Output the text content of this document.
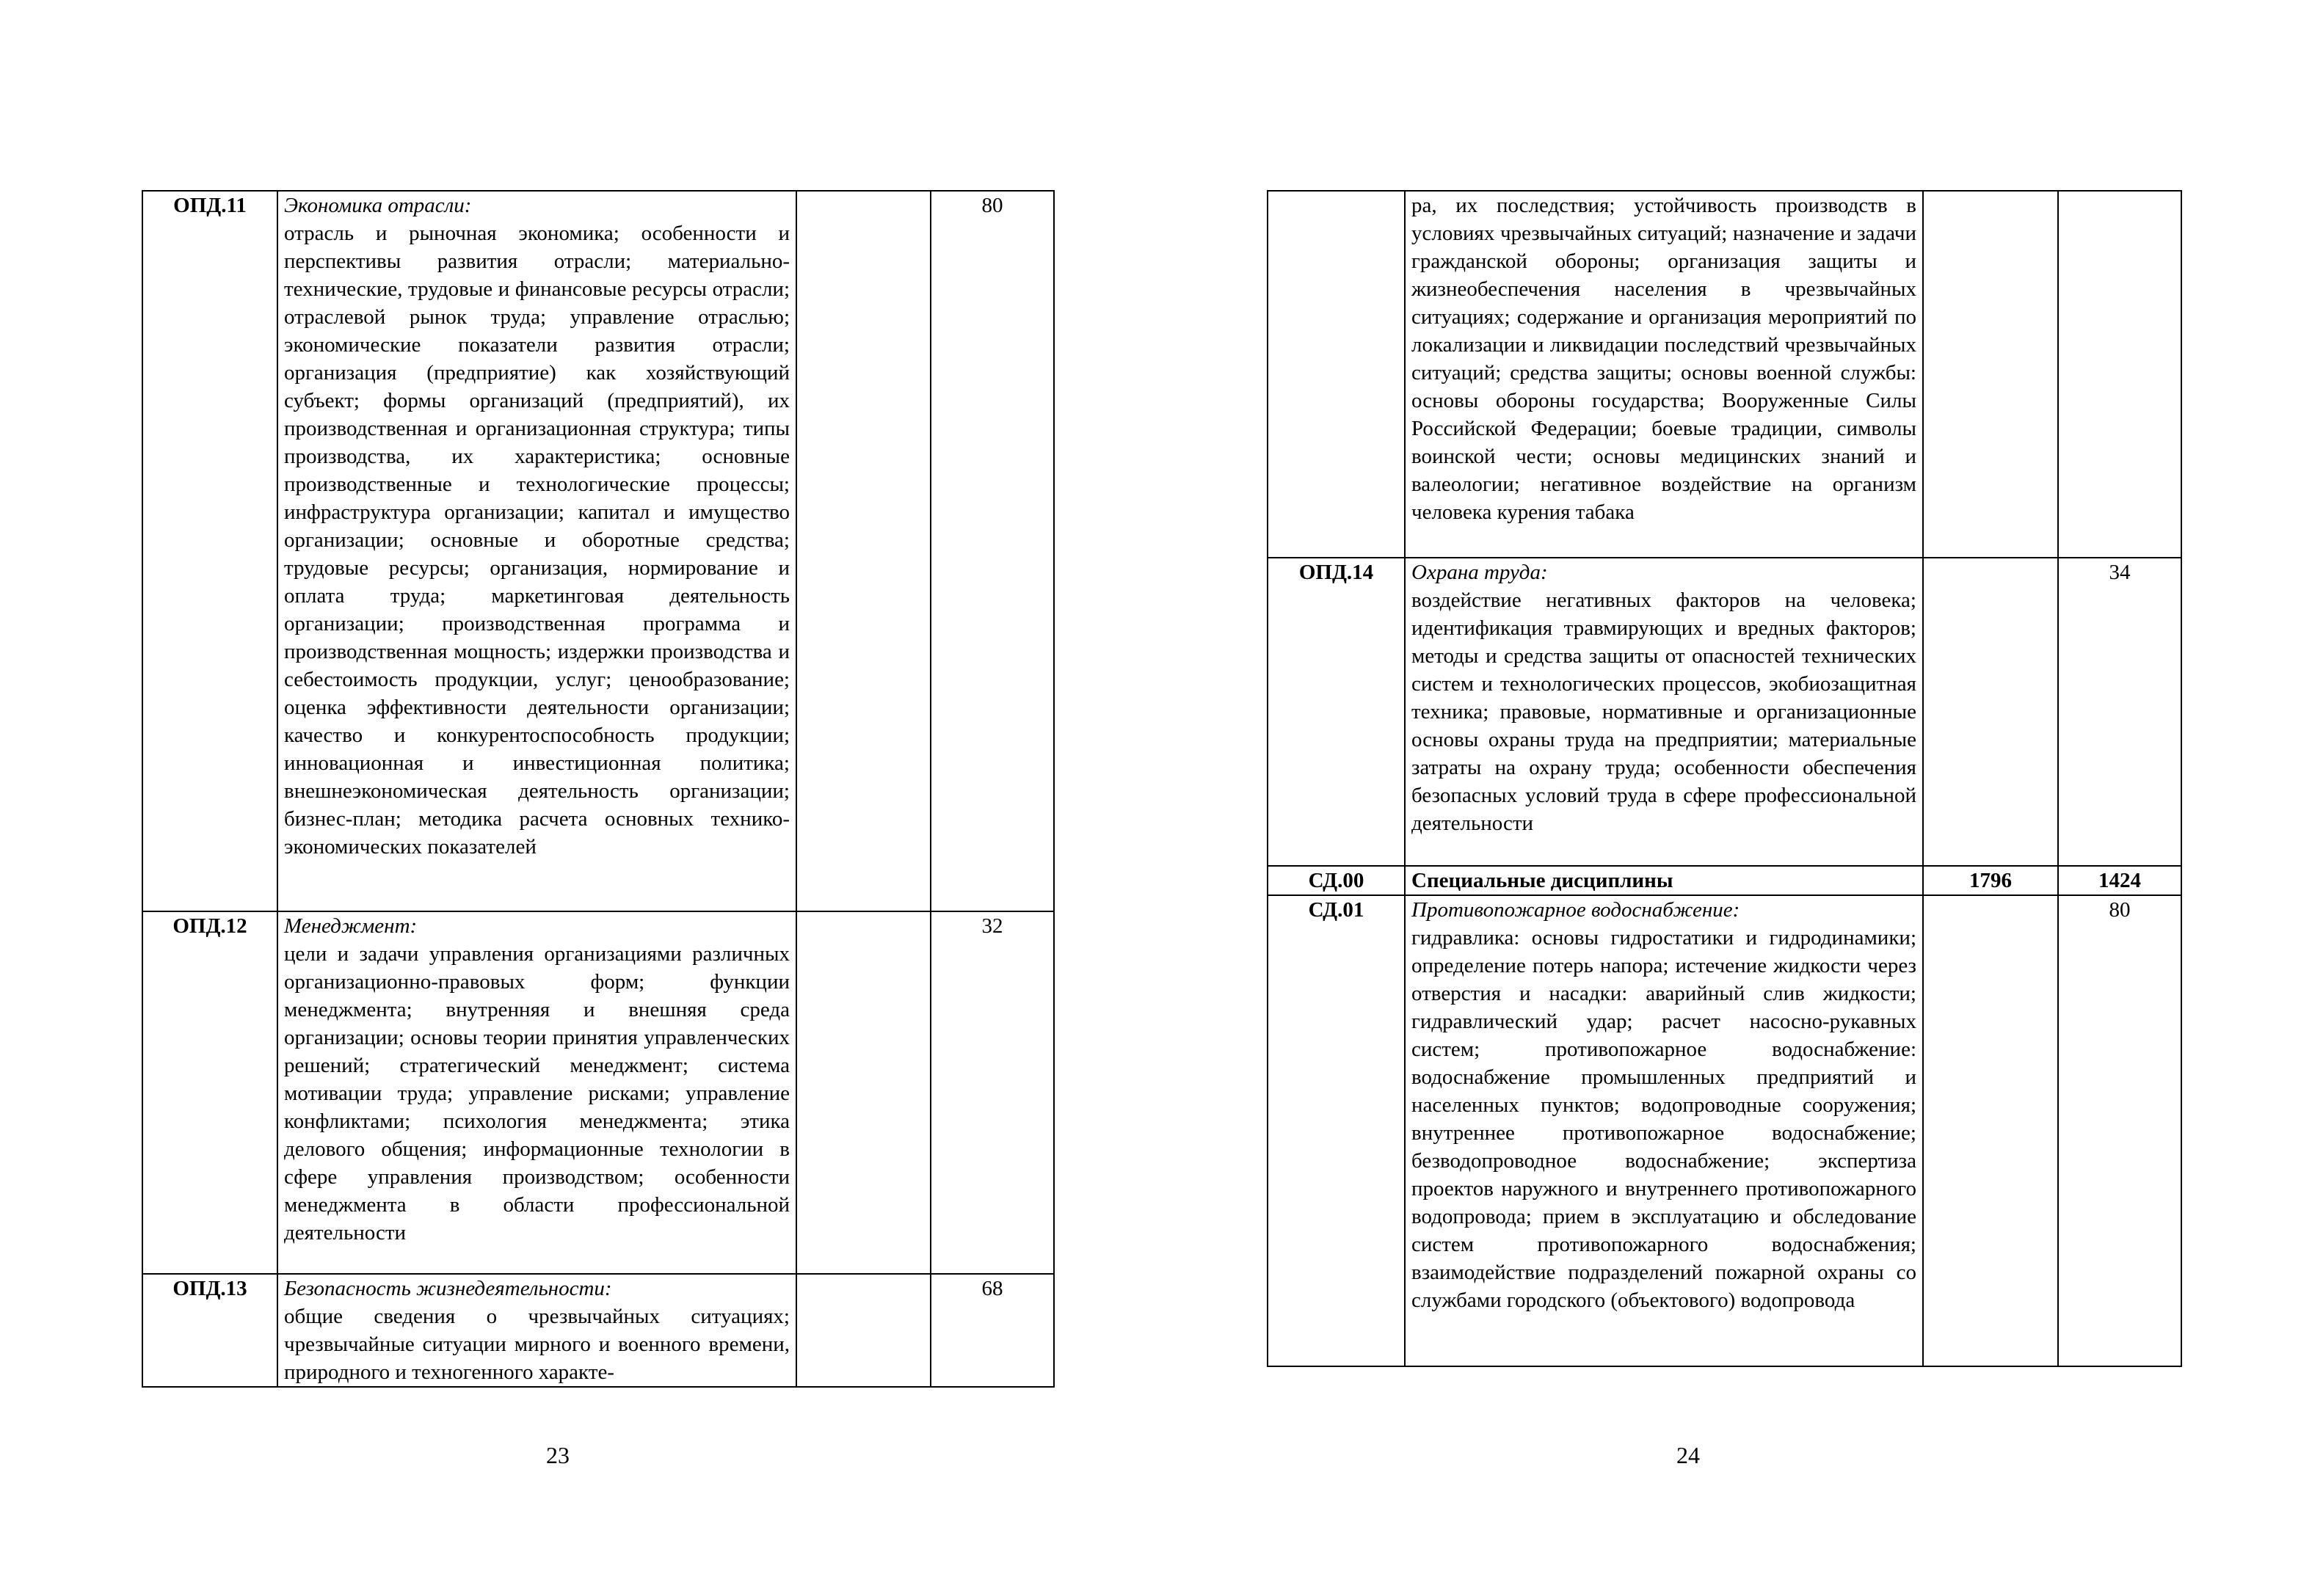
ОПД.11	Экономика отрасли:
отрасль и рыночная экономика; особенности и перспективы развития отрасли; материально-технические, трудовые и финансовые ресурсы отрасли; отраслевой рынок труда; управление отраслью; экономические показатели развития отрасли; организация (предприятие) как хозяйствующий субъект; формы организаций (предприятий), их производственная и организационная структура; типы производства, их характеристика; основные производственные и технологические процессы; инфраструктура организации; капитал и имущество организации; основные и оборотные средства; трудовые ресурсы; организация, нормирование и оплата труда; маркетинговая деятельность организации; производственная программа и производственная мощность; издержки производства и себестоимость продукции, услуг; ценообразование; оценка эффективности деятельности организации; качество и конкурентоспособность продукции; инновационная и инвестиционная политика; внешнеэкономическая деятельность организации; бизнес-план; методика расчета основных технико-экономических показателей		80
ОПД.12	Менеджмент:
цели и задачи управления организациями различных организационно-правовых форм; функции менеджмента; внутренняя и внешняя среда организации; основы теории принятия управленческих решений; стратегический менеджмент; система мотивации труда; управление рисками; управление конфликтами; психология менеджмента; этика делового общения; информационные технологии в сфере управления производством; особенности менеджмента в области профессиональной деятельности		32
ОПД.13	Безопасность жизнедеятельности:
общие сведения о чрезвычайных ситуациях; чрезвычайные ситуации мирного и военного времени, природного и техногенного характе-		68
23

	ра, их последствия; устойчивость производств в условиях чрезвычайных ситуаций; назначение и задачи гражданской обороны; организация защиты и жизнеобеспечения населения в чрезвычайных ситуациях; содержание и организация мероприятий по локализации и ликвидации последствий чрезвычайных ситуаций; средства защиты; основы военной службы: основы обороны государства; Вооруженные Силы Российской Федерации; боевые традиции, символы воинской чести; основы медицинских знаний и валеологии; негативное воздействие на организм человека курения табака		

ОПД.14	Охрана труда:
воздействие негативных факторов на человека; идентификация травмирующих и вредных факторов; методы и средства защиты от опасностей технических систем и технологических процессов, экобиозащитная техника; правовые, нормативные и организационные основы охраны труда на предприятии; материальные затраты на охрану труда; особенности обеспечения безопасных условий труда в сфере профессиональной деятельности		34
СД.00	Специальные дисциплины	1796	1424
СД.01	Противопожарное водоснабжение:
гидравлика: основы гидростатики и гидродинамики; определение потерь напора; истечение жидкости через отверстия и насадки: аварийный слив жидкости; гидравлический удар; расчет насосно-рукавных систем; противопожарное водоснабжение: водоснабжение промышленных предприятий и населенных пунктов; водопроводные сооружения; внутреннее противопожарное водоснабжение; безводопроводное водоснабжение; экспертиза проектов наружного и внутреннего противопожарного водопровода; прием в эксплуатацию и обследование систем противопожарного водоснабжения; взаимодействие подразделений пожарной охраны со службами городского (объектового) водопровода		80
24
